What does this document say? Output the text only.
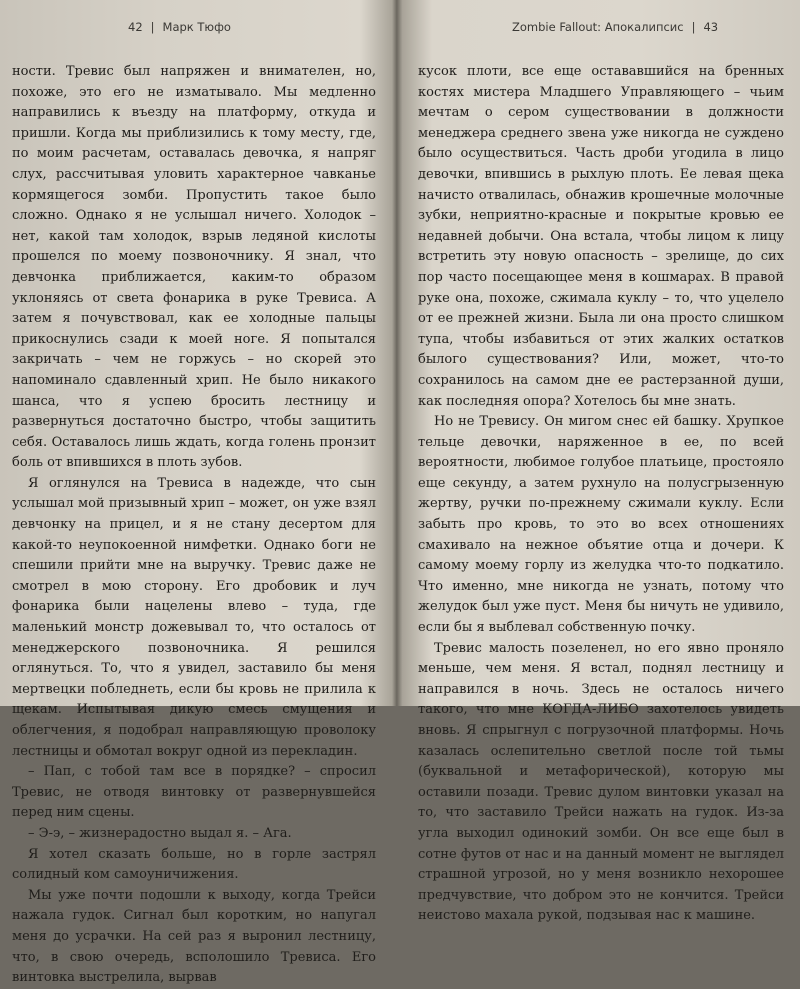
42 | Марк Тюфо

ности. Тревис был напряжен и внимателен, но, похоже, это его не изматывало. Мы медленно направились к въезду на платформу, откуда и пришли. Когда мы приблизились к тому месту, где, по моим расчетам, оставалась девочка, я напряг слух, рассчитывая уловить характерное чавканье кормящегося зомби. Пропустить такое было сложно. Однако я не услышал ничего. Холодок – нет, какой там холодок, взрыв ледяной кислоты прошелся по моему позвоночнику. Я знал, что девчонка приближается, каким-то образом уклоняясь от света фонарика в руке Тревиса. А затем я почувствовал, как ее холодные пальцы прикоснулись сзади к моей ноге. Я попытался закричать – чем не горжусь – но скорей это напоминало сдавленный хрип. Не было никакого шанса, что я успею бросить лестницу и развернуться достаточно быстро, чтобы защитить себя. Оставалось лишь ждать, когда голень пронзит боль от впившихся в плоть зубов.

Я оглянулся на Тревиса в надежде, что сын услышал мой призывный хрип – может, он уже взял девчонку на прицел, и я не стану десертом для какой-то неупокоенной нимфетки. Однако боги не спешили прийти мне на выручку. Тревис даже не смотрел в мою сторону. Его дробовик и луч фонарика были нацелены влево – туда, где маленький монстр дожевывал то, что осталось от менеджерского позвоночника. Я решился оглянуться. То, что я увидел, заставило бы меня мертвецки побледнеть, если бы кровь не прилила к щекам. Испытывая дикую смесь смущения и облегчения, я подобрал направляющую проволоку лестницы и обмотал вокруг одной из перекладин.

– Пап, с тобой там все в порядке? – спросил Тревис, не отводя винтовку от развернувшейся перед ним сцены.

– Э-э, – жизнерадостно выдал я. – Ага.

Я хотел сказать больше, но в горле застрял солидный ком самоуничижения.

Мы уже почти подошли к выходу, когда Трейси нажала гудок. Сигнал был коротким, но напугал меня до усрачки. На сей раз я выронил лестницу, что, в свою очередь, всполошило Тревиса. Его винтовка выстрелила, вырвав

Zombie Fallout: Апокалипсис | 43

кусок плоти, все еще остававшийся на бренных костях мистера Младшего Управляющего – чьим мечтам о сером существовании в должности менеджера среднего звена уже никогда не суждено было осуществиться. Часть дроби угодила в лицо девочки, впившись в рыхлую плоть. Ее левая щека начисто отвалилась, обнажив крошечные молочные зубки, неприятно-красные и покрытые кровью ее недавней добычи. Она встала, чтобы лицом к лицу встретить эту новую опасность – зрелище, до сих пор часто посещающее меня в кошмарах. В правой руке она, похоже, сжимала куклу – то, что уцелело от ее прежней жизни. Была ли она просто слишком тупа, чтобы избавиться от этих жалких остатков былого существования? Или, может, что-то сохранилось на самом дне ее растерзанной души, как последняя опора? Хотелось бы мне знать.

Но не Тревису. Он мигом снес ей башку. Хрупкое тельце девочки, наряженное в ее, по всей вероятности, любимое голубое платьице, простояло еще секунду, а затем рухнуло на полусгрызенную жертву, ручки по-прежнему сжимали куклу. Если забыть про кровь, то это во всех отношениях смахивало на нежное объятие отца и дочери. К самому моему горлу из желудка что-то подкатило. Что именно, мне никогда не узнать, потому что желудок был уже пуст. Меня бы ничуть не удивило, если бы я выблевал собственную почку.

Тревис малость позеленел, но его явно проняло меньше, чем меня. Я встал, поднял лестницу и направился в ночь. Здесь не осталось ничего такого, что мне КОГДА-ЛИБО захотелось увидеть вновь. Я спрыгнул с погрузочной платформы. Ночь казалась ослепительно светлой после той тьмы (буквальной и метафорической), которую мы оставили позади. Тревис дулом винтовки указал на то, что заставило Трейси нажать на гудок. Из-за угла выходил одинокий зомби. Он все еще был в сотне футов от нас и на данный момент не выглядел страшной угрозой, но у меня возникло нехорошее предчувствие, что добром это не кончится. Трейси неистово махала рукой, подзывая нас к машине.
